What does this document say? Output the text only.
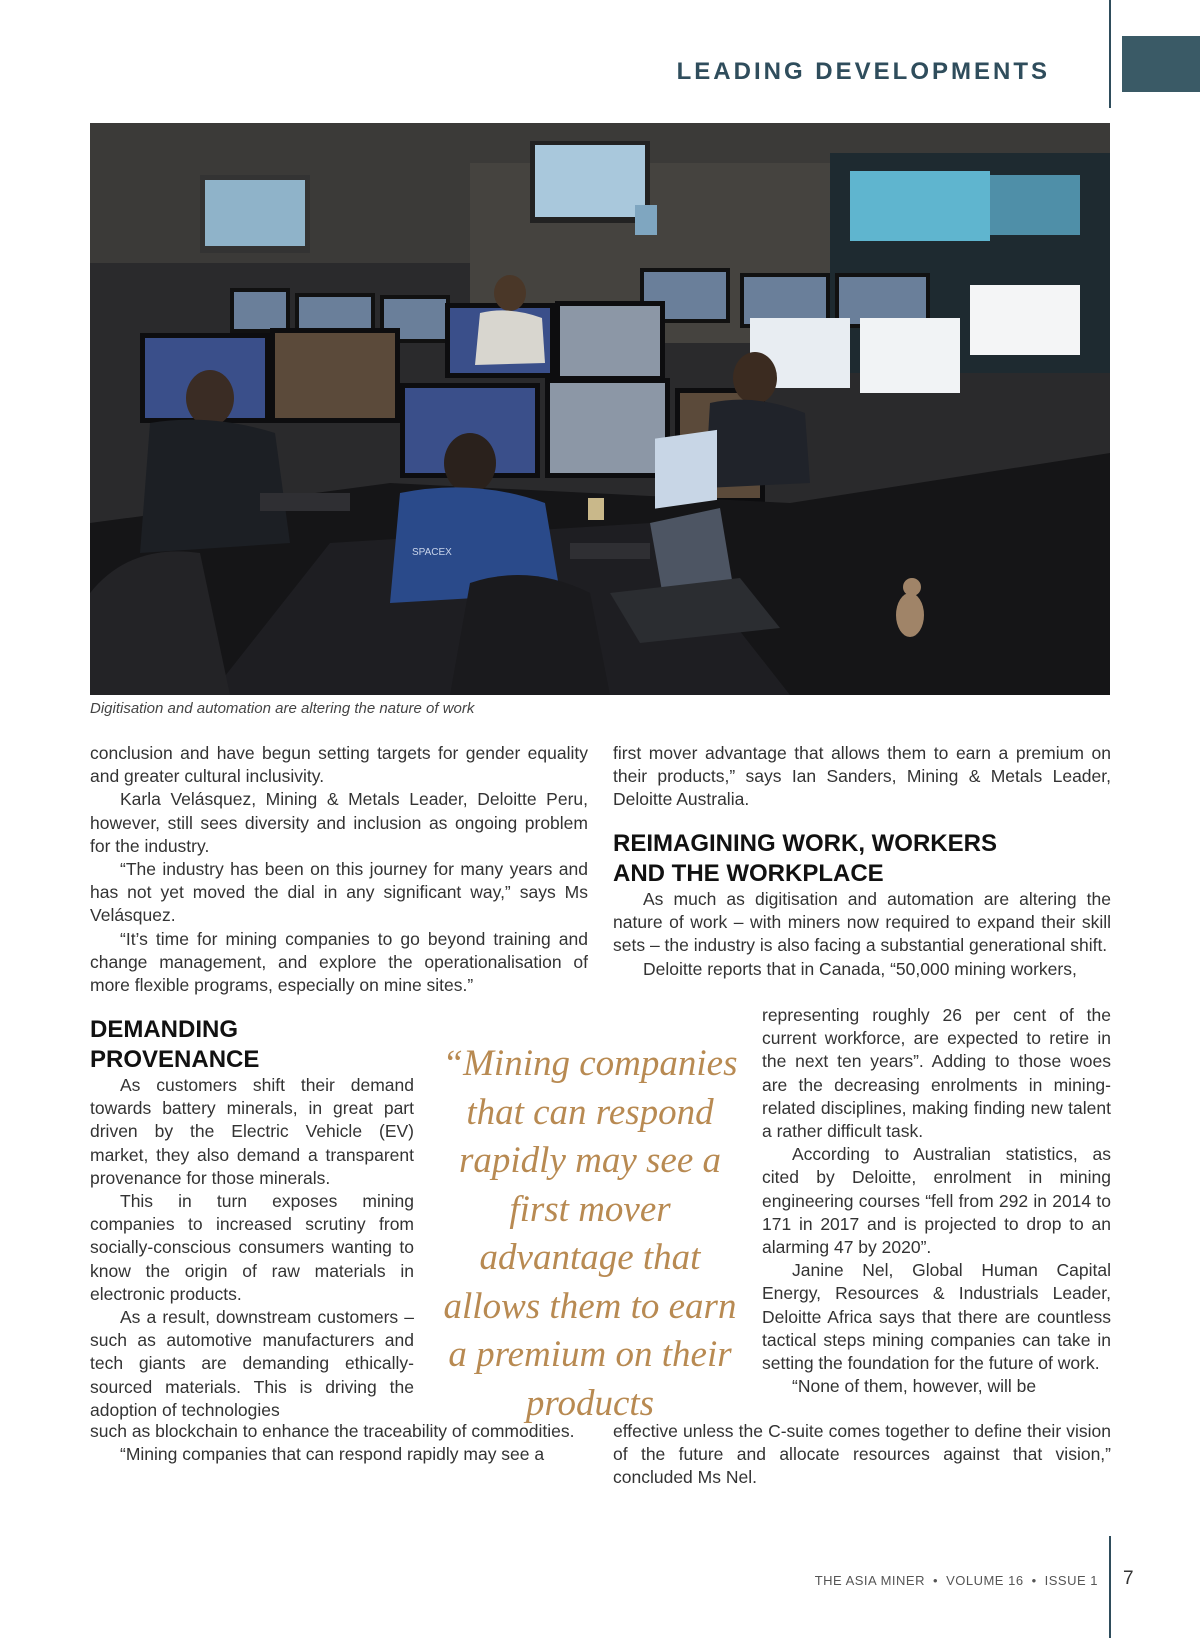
LEADING DEVELOPMENTS
SPACEX
Digitisation and automation are altering the nature of work

conclusion and have begun setting targets for gender equality and greater cultural inclusivity.

Karla Velásquez, Mining & Metals Leader, Deloitte Peru, however, still sees diversity and inclusion as ongoing problem for the industry.

“The industry has been on this journey for many years and has not yet moved the dial in any significant way,” says Ms Velásquez.

“It’s time for mining companies to go beyond training and change management, and explore the operationalisation of more flexible programs, especially on mine sites.”

DEMANDING
PROVENANCE

As customers shift their demand towards battery minerals, in great part driven by the Electric Vehicle (EV) market, they also demand a transparent provenance for those minerals.

This in turn exposes mining companies to increased scrutiny from socially-conscious consumers wanting to know the origin of raw materials in electronic products.

As a result, downstream customers – such as automotive manufacturers and tech giants are demanding ethically-sourced materials. This is driving the adoption of technologies

such as blockchain to enhance the traceability of commodities.

“Mining companies that can respond rapidly may see a

“Mining companies that can respond rapidly may see a first mover advantage that allows them to earn a premium on their products

first mover advantage that allows them to earn a premium on their products,” says Ian Sanders, Mining & Metals Leader, Deloitte Australia.

REIMAGINING WORK, WORKERS
AND THE WORKPLACE

As much as digitisation and automation are altering the nature of work – with miners now required to expand their skill sets – the industry is also facing a substantial generational shift.

Deloitte reports that in Canada, “50,000 mining workers,

representing roughly 26 per cent of the current workforce, are expected to retire in the next ten years”. Adding to those woes are the decreasing enrolments in mining-related disciplines, making finding new talent a rather difficult task.

According to Australian statistics, as cited by Deloitte, enrolment in mining engineering courses “fell from 292 in 2014 to 171 in 2017 and is projected to drop to an alarming 47 by 2020”.

Janine Nel, Global Human Capital Energy, Resources & Industrials Leader, Deloitte Africa says that there are countless tactical steps mining companies can take in setting the foundation for the future of work.

“None of them, however, will be

effective unless the C-suite comes together to define their vision of the future and allocate resources against that vision,” concluded Ms Nel.

THE ASIA MINER • VOLUME 16 • ISSUE 1 7
